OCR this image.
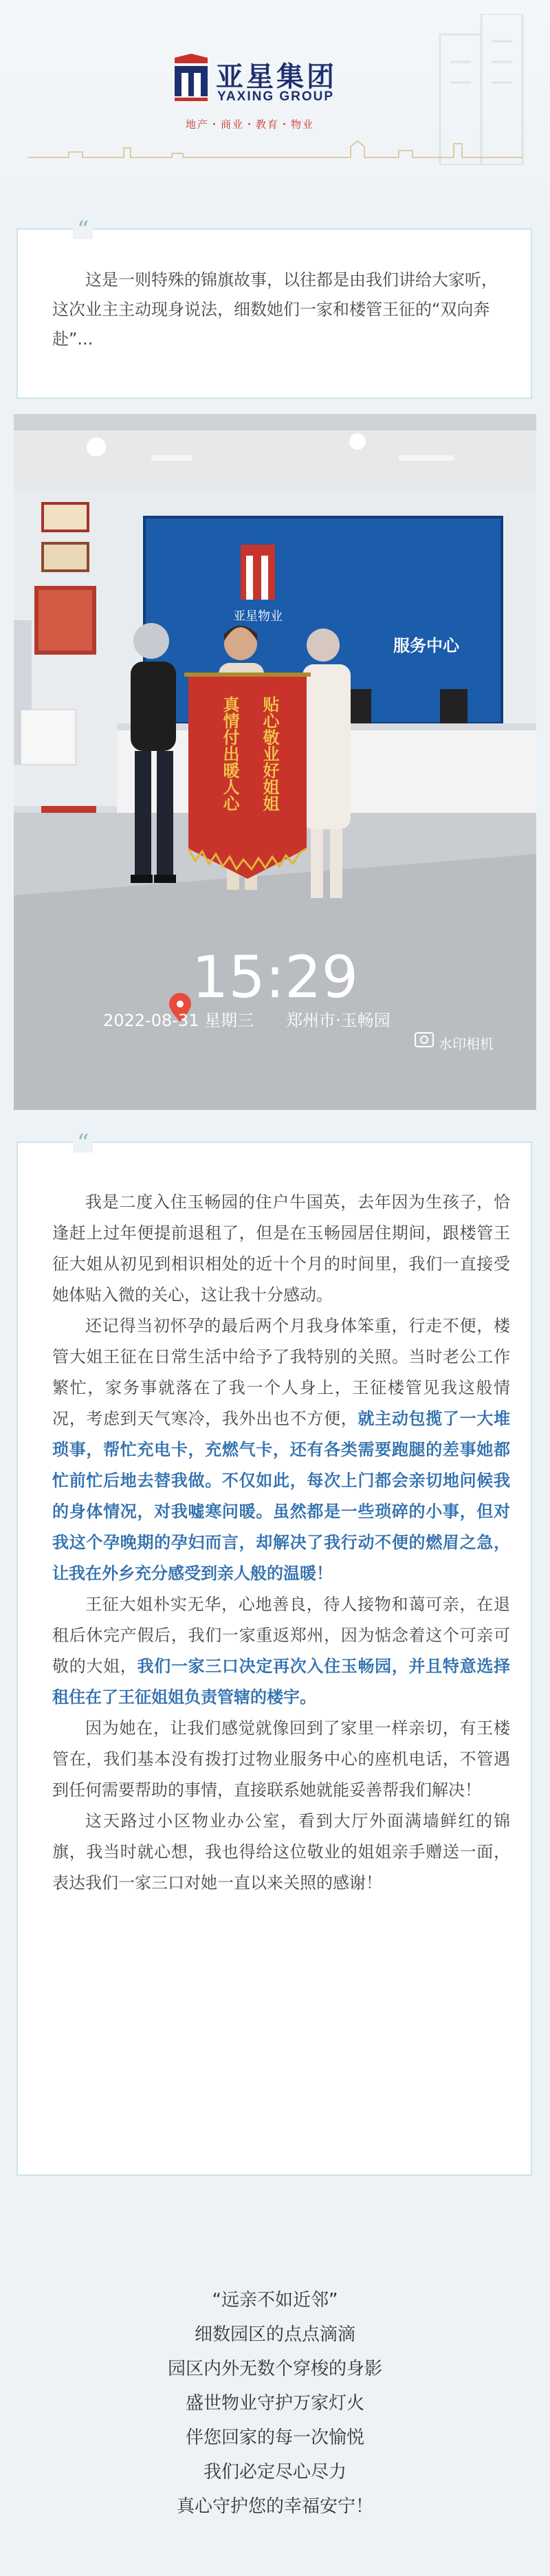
亚星集团
YAXING GROUP
地产・商业・教育・物业
“
这是一则特殊的锦旗故事，以往都是由我们讲给大家听，这次业主主动现身说法，细数她们一家和楼管王征的“双向奔赴”...
亚星物业
服务中心
贴心敬业好姐姐
真情付出暖人心
15:29
2022-08-31 星期三 郑州市·玉畅园
水印相机
“

我是二度入住玉畅园的住户牛国英，去年因为生孩子，恰逢赶上过年便提前退租了，但是在玉畅园居住期间，跟楼管王征大姐从初见到相识相处的近十个月的时间里，我们一直接受她体贴入微的关心，这让我十分感动。

还记得当初怀孕的最后两个月我身体笨重，行走不便，楼管大姐王征在日常生活中给予了我特别的关照。当时老公工作繁忙，家务事就落在了我一个人身上，王征楼管见我这般情况，考虑到天气寒冷，我外出也不方便，就主动包揽了一大堆琐事，帮忙充电卡，充燃气卡，还有各类需要跑腿的差事她都忙前忙后地去替我做。不仅如此，每次上门都会亲切地问候我的身体情况，对我嘘寒问暖。虽然都是一些琐碎的小事，但对我这个孕晚期的孕妇而言，却解决了我行动不便的燃眉之急，让我在外乡充分感受到亲人般的温暖！

王征大姐朴实无华，心地善良，待人接物和蔼可亲，在退租后休完产假后，我们一家重返郑州，因为惦念着这个可亲可敬的大姐，我们一家三口决定再次入住玉畅园，并且特意选择租住在了王征姐姐负责管辖的楼宇。

因为她在，让我们感觉就像回到了家里一样亲切，有王楼管在，我们基本没有拨打过物业服务中心的座机电话，不管遇到任何需要帮助的事情，直接联系她就能妥善帮我们解决！

这天路过小区物业办公室，看到大厅外面满墙鲜红的锦旗，我当时就心想，我也得给这位敬业的姐姐亲手赠送一面，表达我们一家三口对她一直以来关照的感谢！

“远亲不如近邻”
细数园区的点点滴滴
园区内外无数个穿梭的身影
盛世物业守护万家灯火
伴您回家的每一次愉悦
我们必定尽心尽力
真心守护您的幸福安宁！
